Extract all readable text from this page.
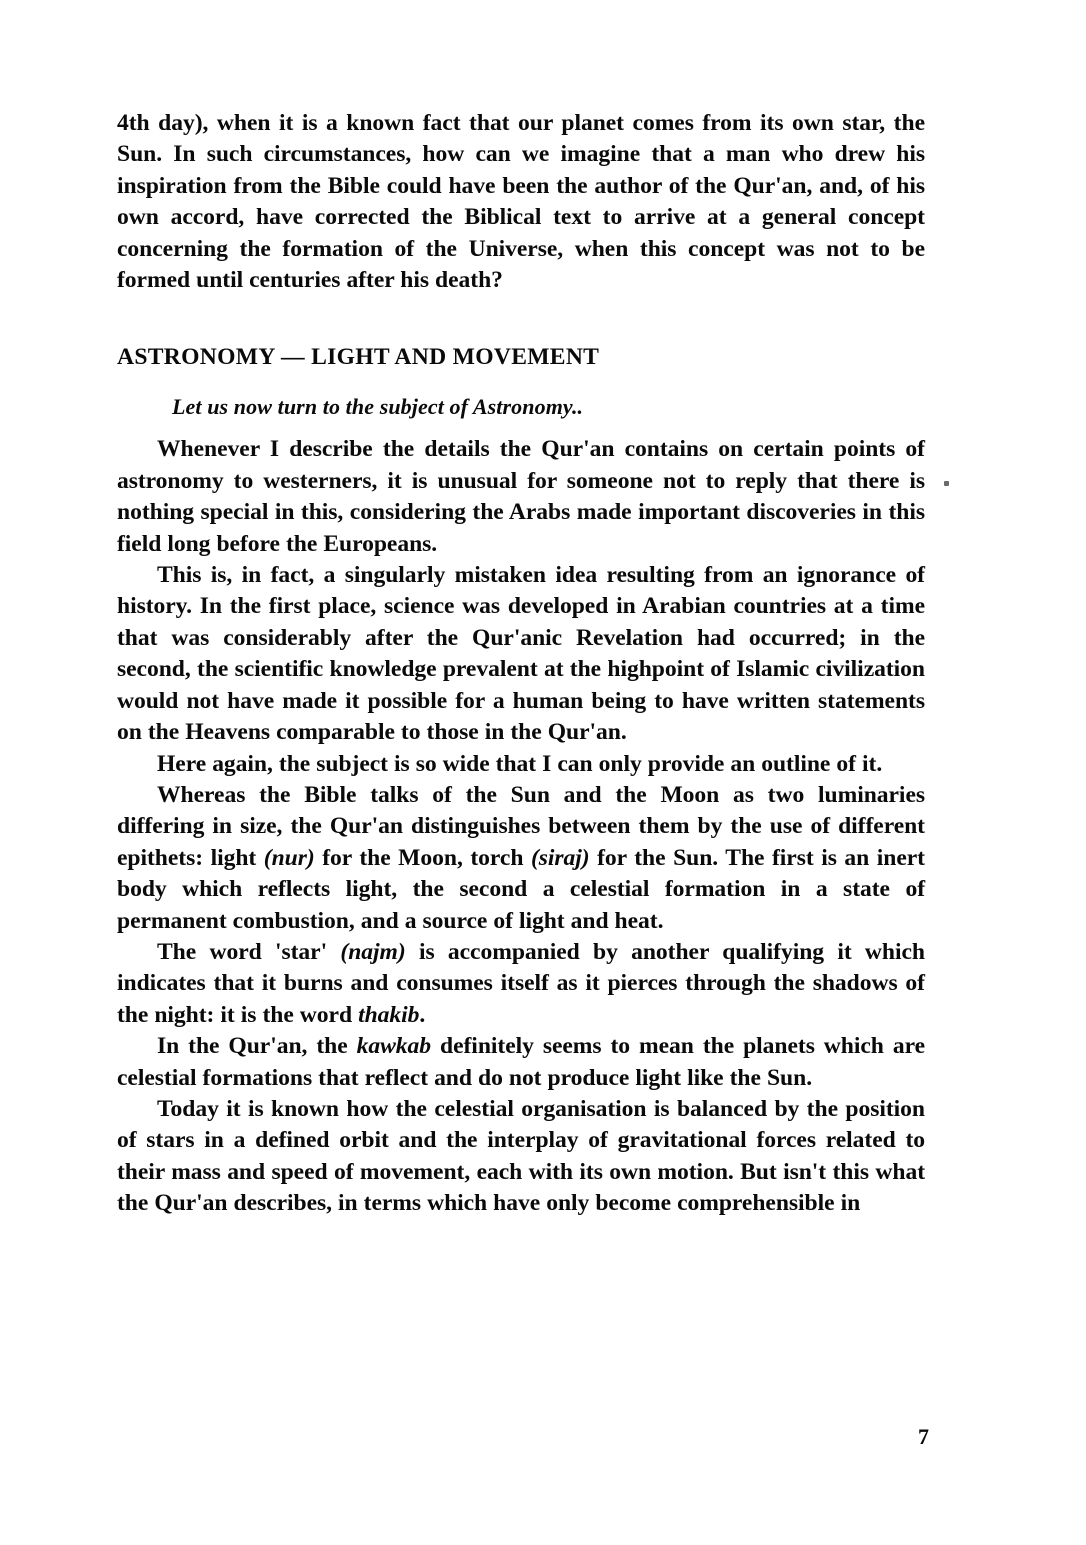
4th day), when it is a known fact that our planet comes from its own star, the Sun. In such circumstances, how can we imagine that a man who drew his inspiration from the Bible could have been the author of the Qur'an, and, of his own accord, have corrected the Biblical text to arrive at a general concept concerning the formation of the Universe, when this concept was not to be formed until centuries after his death?

ASTRONOMY — LIGHT AND MOVEMENT

Let us now turn to the subject of Astronomy..

Whenever I describe the details the Qur'an contains on certain points of astronomy to westerners, it is unusual for someone not to reply that there is nothing special in this, considering the Arabs made important discoveries in this field long before the Europeans.

This is, in fact, a singularly mistaken idea resulting from an ignorance of history. In the first place, science was developed in Arabian countries at a time that was considerably after the Qur'anic Revelation had occurred; in the second, the scientific knowledge prevalent at the highpoint of Islamic civilization would not have made it possible for a human being to have written statements on the Heavens comparable to those in the Qur'an.

Here again, the subject is so wide that I can only provide an outline of it.

Whereas the Bible talks of the Sun and the Moon as two luminaries differing in size, the Qur'an distinguishes between them by the use of different epithets: light (nur) for the Moon, torch (siraj) for the Sun. The first is an inert body which reflects light, the second a celestial formation in a state of permanent combustion, and a source of light and heat.

The word 'star' (najm) is accompanied by another qualifying it which indicates that it burns and consumes itself as it pierces through the shadows of the night: it is the word thakib.

In the Qur'an, the kawkab definitely seems to mean the planets which are celestial formations that reflect and do not produce light like the Sun.

Today it is known how the celestial organisation is balanced by the position of stars in a defined orbit and the interplay of gravitational forces related to their mass and speed of movement, each with its own motion. But isn't this what the Qur'an describes, in terms which have only become comprehensible in

7
